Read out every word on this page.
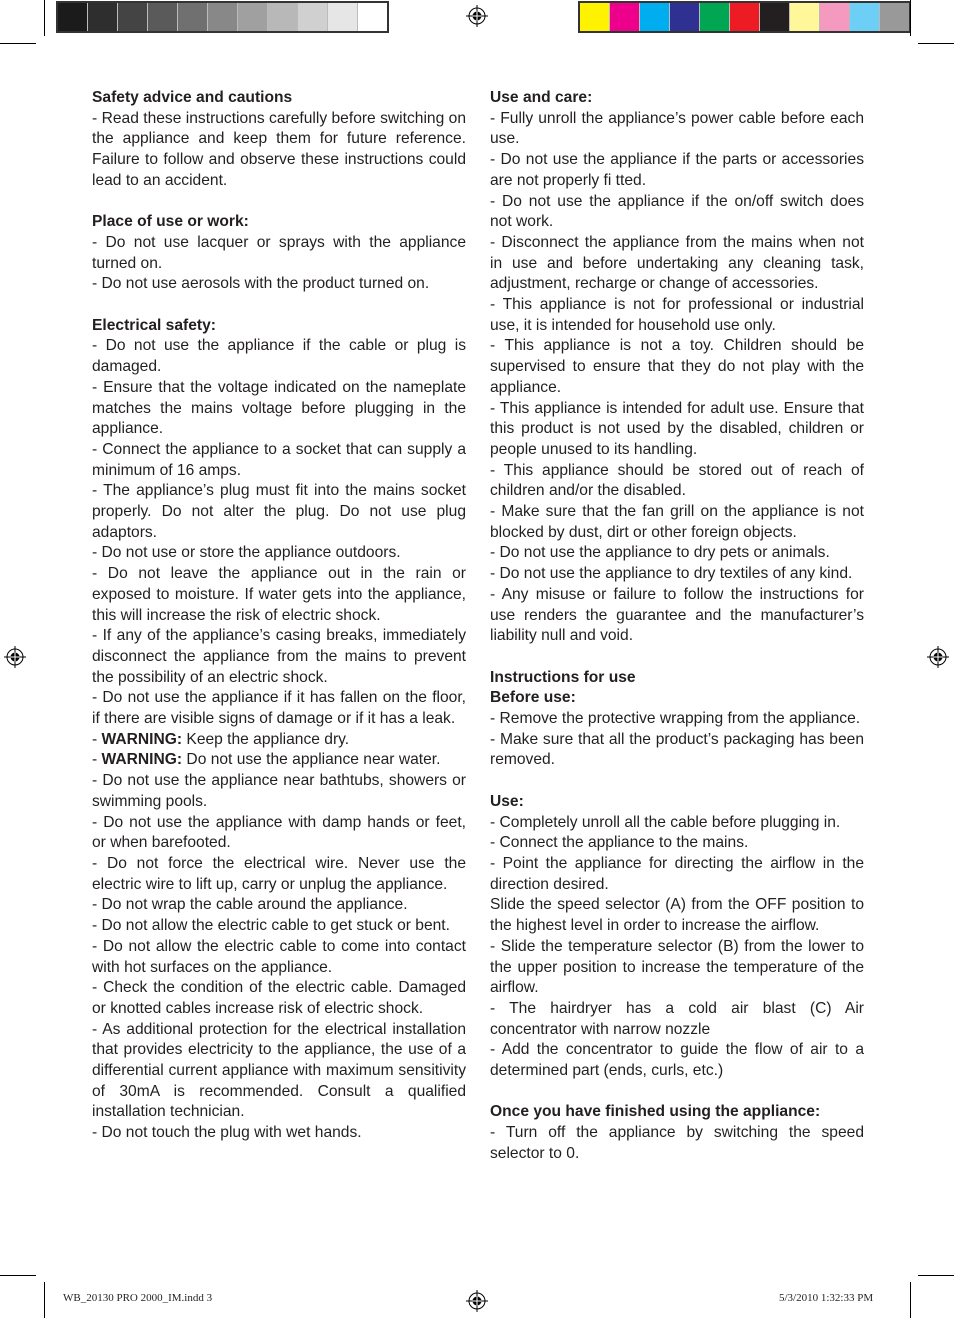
Safety advice and cautions

- Read these instructions carefully before switching on the appliance and keep them for future reference. Failure to follow and observe these instructions could lead to an accident.

Place of use or work:

- Do not use lacquer or sprays with the appliance turned on.

- Do not use aerosols with the product turned on.

Electrical safety:

- Do not use the appliance if the cable or plug is damaged.

- Ensure that the voltage indicated on the nameplate matches the mains voltage before plugging in the appliance.

- Connect the appliance to a socket that can supply a minimum of 16 amps.

- The appliance’s plug must fit into the mains socket properly. Do not alter the plug. Do not use plug adaptors.

- Do not use or store the appliance outdoors.

- Do not leave the appliance out in the rain or exposed to moisture. If water gets into the appliance, this will increase the risk of electric shock.

- If any of the appliance’s casing breaks, immediately disconnect the appliance from the mains to prevent the possibility of an electric shock.

- Do not use the appliance if it has fallen on the floor, if there are visible signs of damage or if it has a leak.

- WARNING: Keep the appliance dry.

- WARNING: Do not use the appliance near water.

- Do not use the appliance near bathtubs, showers or swimming pools.

- Do not use the appliance with damp hands or feet, or when barefooted.

- Do not force the electrical wire. Never use the electric wire to lift up, carry or unplug the appliance.

- Do not wrap the cable around the appliance.

- Do not allow the electric cable to get stuck or bent.

- Do not allow the electric cable to come into contact with hot surfaces on the appliance.

- Check the condition of the electric cable. Damaged or knotted cables increase risk of electric shock.

- As additional protection for the electrical installation that provides electricity to the appliance, the use of a differential current appliance with maximum sensitivity of 30mA is recommended. Consult a qualified installation technician.

- Do not touch the plug with wet hands.

Use and care:

- Fully unroll the appliance’s power cable before each use.

- Do not use the appliance if the parts or accessories are not properly fi tted.

- Do not use the appliance if the on/off switch does not work.

- Disconnect the appliance from the mains when not in use and before undertaking any cleaning task, adjustment, recharge or change of accessories.

- This appliance is not for professional or industrial use, it is intended for household use only.

- This appliance is not a toy. Children should be supervised to ensure that they do not play with the appliance.

- This appliance is intended for adult use. Ensure that this product is not used by the disabled, children or people unused to its handling.

- This appliance should be stored out of reach of children and/or the disabled.

- Make sure that the fan grill on the appliance is not blocked by dust, dirt or other foreign objects.

- Do not use the appliance to dry pets or animals.

- Do not use the appliance to dry textiles of any kind.

- Any misuse or failure to follow the instructions for use renders the guarantee and the manufacturer’s liability null and void.

Instructions for use

Before use:

- Remove the protective wrapping from the appliance.

- Make sure that all the product’s packaging has been removed.

Use:

- Completely unroll all the cable before plugging in.

- Connect the appliance to the mains.

- Point the appliance for directing the airflow in the direction desired.

Slide the speed selector (A) from the OFF position to the highest level in order to increase the airflow.

- Slide the temperature selector (B) from the lower to the upper position to increase the temperature of the airflow.

- The hairdryer has a cold air blast (C) Air concentrator with narrow nozzle

- Add the concentrator to guide the flow of air to a determined part (ends, curls, etc.)

Once you have finished using the appliance:

- Turn off the appliance by switching the speed selector to 0.

WB_20130 PRO 2000_IM.indd 3	5/3/2010 1:32:33 PM
